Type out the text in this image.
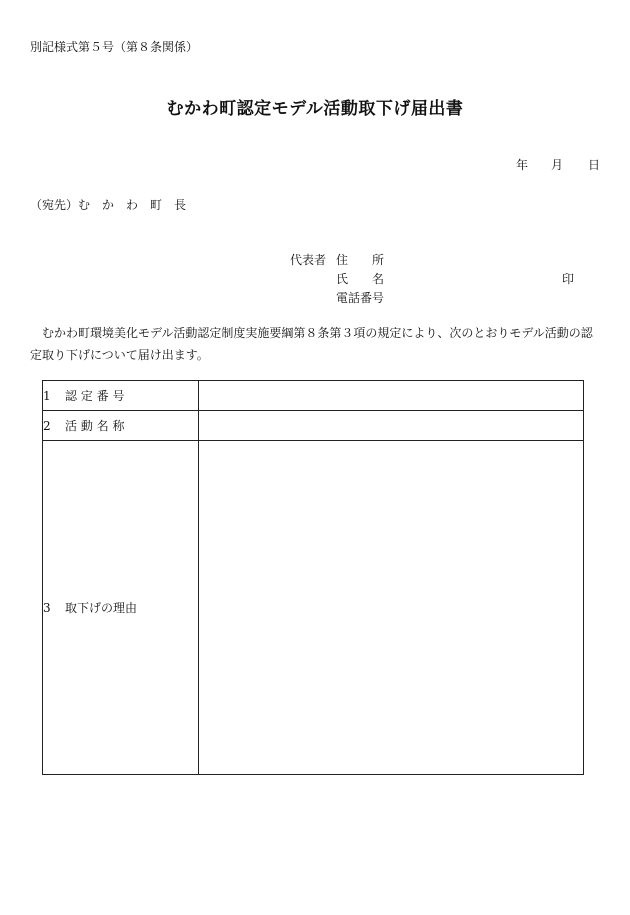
別記様式第５号（第８条関係）
むかわ町認定モデル活動取下げ届出書
年 月 日
（宛先）む　か　わ　町　長
代表者 住　　所
氏　　名	印
電話番号
むかわ町環境美化モデル活動認定制度実施要綱第８条第３項の規定により、次のとおりモデル活動の認定取り下げについて届け出ます。
1 認 定 番 号	
2 活 動 名 称	
3 取下げの理由	
